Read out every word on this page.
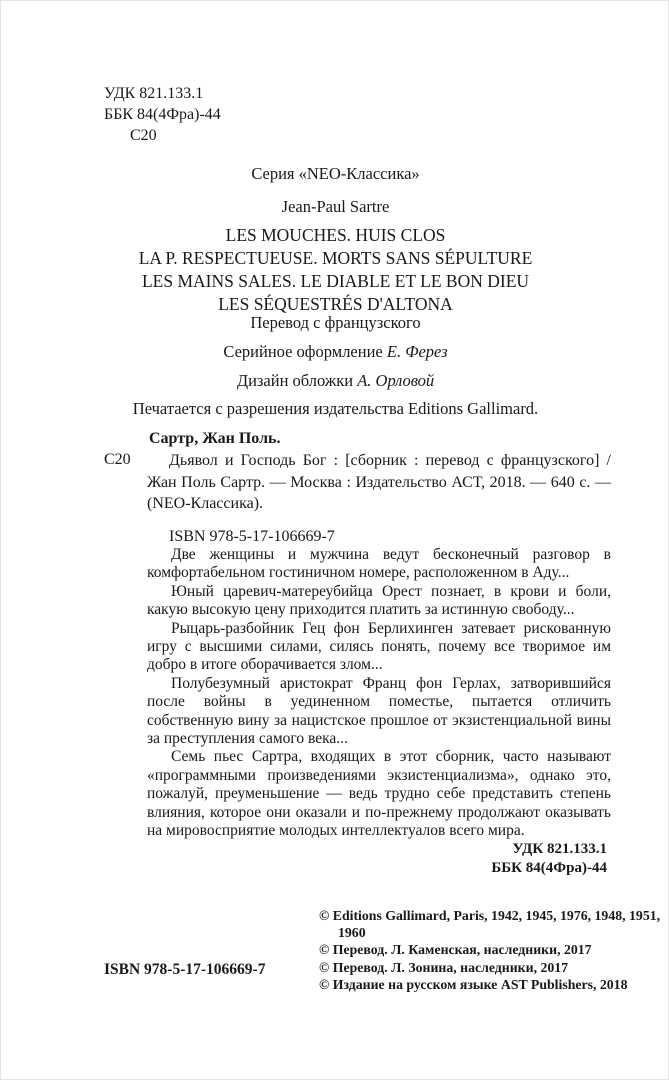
УДК 821.133.1
ББК 84(4Фра)-44
С20
Серия «NEO-Классика»
Jean-Paul Sartre
LES MOUCHES. HUIS CLOS
LA P. RESPECTUEUSE. MORTS SANS SÉPULTURE
LES MAINS SALES. LE DIABLE ET LE BON DIEU
LES SÉQUESTRÉS D'ALTONA
Перевод с французского
Серийное оформление Е. Ферез
Дизайн обложки А. Орловой
Печатается с разрешения издательства Editions Gallimard.
Сартр, Жан Поль.
С20	Дьявол и Господь Бог : [сборник : перевод с французского] / Жан Поль Сартр. — Москва : Издательство АСТ, 2018. — 640 с. — (NEO-Классика).
ISBN 978-5-17-106669-7

Две женщины и мужчина ведут бесконечный разговор в комфортабельном гостиничном номере, расположенном в Аду...

Юный царевич-матереубийца Орест познает, в крови и боли, какую высокую цену приходится платить за истинную свободу...

Рыцарь-разбойник Гец фон Берлихинген затевает рискованную игру с высшими силами, силясь понять, почему все творимое им добро в итоге оборачивается злом...

Полубезумный аристократ Франц фон Герлах, затворившийся после войны в уединенном поместье, пытается отличить собственную вину за нацистское прошлое от экзистенциальной вины за преступления самого века...

Семь пьес Сартра, входящих в этот сборник, часто называют «программными произведениями экзистенциализма», однако это, пожалуй, преуменьшение — ведь трудно себе представить степень влияния, которое они оказали и по-прежнему продолжают оказывать на мировосприятие молодых интеллектуалов всего мира.

УДК 821.133.1
ББК 84(4Фра)-44
© Editions Gallimard, Paris, 1942, 1945, 1976, 1948, 1951, 1960
© Перевод. Л. Каменская, наследники, 2017
© Перевод. Л. Зонина, наследники, 2017
© Издание на русском языке AST Publishers, 2018
ISBN 978-5-17-106669-7
